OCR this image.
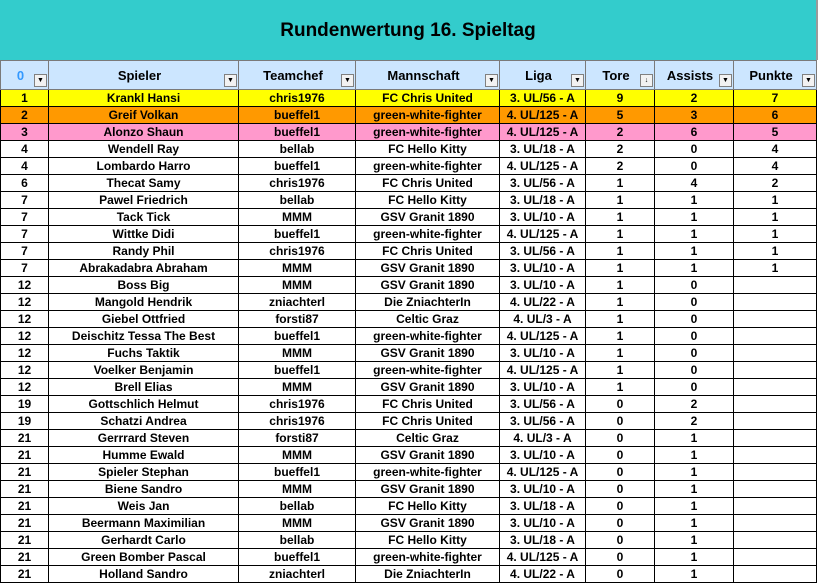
Rundenwertung 16. Spieltag
0 ▼	Spieler ▼	Teamchef ▼	Mannschaft ▼	Liga ▼	Tore ↓	Assists ▼	Punkte ▼

1	Krankl Hansi	chris1976	FC Chris United	3. UL/56 - A	9	2	7
2	Greif Volkan	bueffel1	green-white-fighter	4. UL/125 - A	5	3	6
3	Alonzo Shaun	bueffel1	green-white-fighter	4. UL/125 - A	2	6	5
4	Wendell Ray	bellab	FC Hello Kitty	3. UL/18 - A	2	0	4
4	Lombardo Harro	bueffel1	green-white-fighter	4. UL/125 - A	2	0	4
6	Thecat Samy	chris1976	FC Chris United	3. UL/56 - A	1	4	2
7	Pawel Friedrich	bellab	FC Hello Kitty	3. UL/18 - A	1	1	1
7	Tack Tick	MMM	GSV Granit 1890	3. UL/10 - A	1	1	1
7	Wittke Didi	bueffel1	green-white-fighter	4. UL/125 - A	1	1	1
7	Randy Phil	chris1976	FC Chris United	3. UL/56 - A	1	1	1
7	Abrakadabra Abraham	MMM	GSV Granit 1890	3. UL/10 - A	1	1	1
12	Boss Big	MMM	GSV Granit 1890	3. UL/10 - A	1	0	
12	Mangold Hendrik	zniachterl	Die ZniachterIn	4. UL/22 - A	1	0	
12	Giebel Ottfried	forsti87	Celtic Graz	4. UL/3 - A	1	0	
12	Deischitz Tessa The Best	bueffel1	green-white-fighter	4. UL/125 - A	1	0	
12	Fuchs Taktik	MMM	GSV Granit 1890	3. UL/10 - A	1	0	
12	Voelker Benjamin	bueffel1	green-white-fighter	4. UL/125 - A	1	0	
12	Brell Elias	MMM	GSV Granit 1890	3. UL/10 - A	1	0	
19	Gottschlich Helmut	chris1976	FC Chris United	3. UL/56 - A	0	2	
19	Schatzi Andrea	chris1976	FC Chris United	3. UL/56 - A	0	2	
21	Gerrrard Steven	forsti87	Celtic Graz	4. UL/3 - A	0	1	
21	Humme Ewald	MMM	GSV Granit 1890	3. UL/10 - A	0	1	
21	Spieler Stephan	bueffel1	green-white-fighter	4. UL/125 - A	0	1	
21	Biene Sandro	MMM	GSV Granit 1890	3. UL/10 - A	0	1	
21	Weis Jan	bellab	FC Hello Kitty	3. UL/18 - A	0	1	
21	Beermann Maximilian	MMM	GSV Granit 1890	3. UL/10 - A	0	1	
21	Gerhardt Carlo	bellab	FC Hello Kitty	3. UL/18 - A	0	1	
21	Green Bomber Pascal	bueffel1	green-white-fighter	4. UL/125 - A	0	1	
21	Holland Sandro	zniachterl	Die ZniachterIn	4. UL/22 - A	0	1	
